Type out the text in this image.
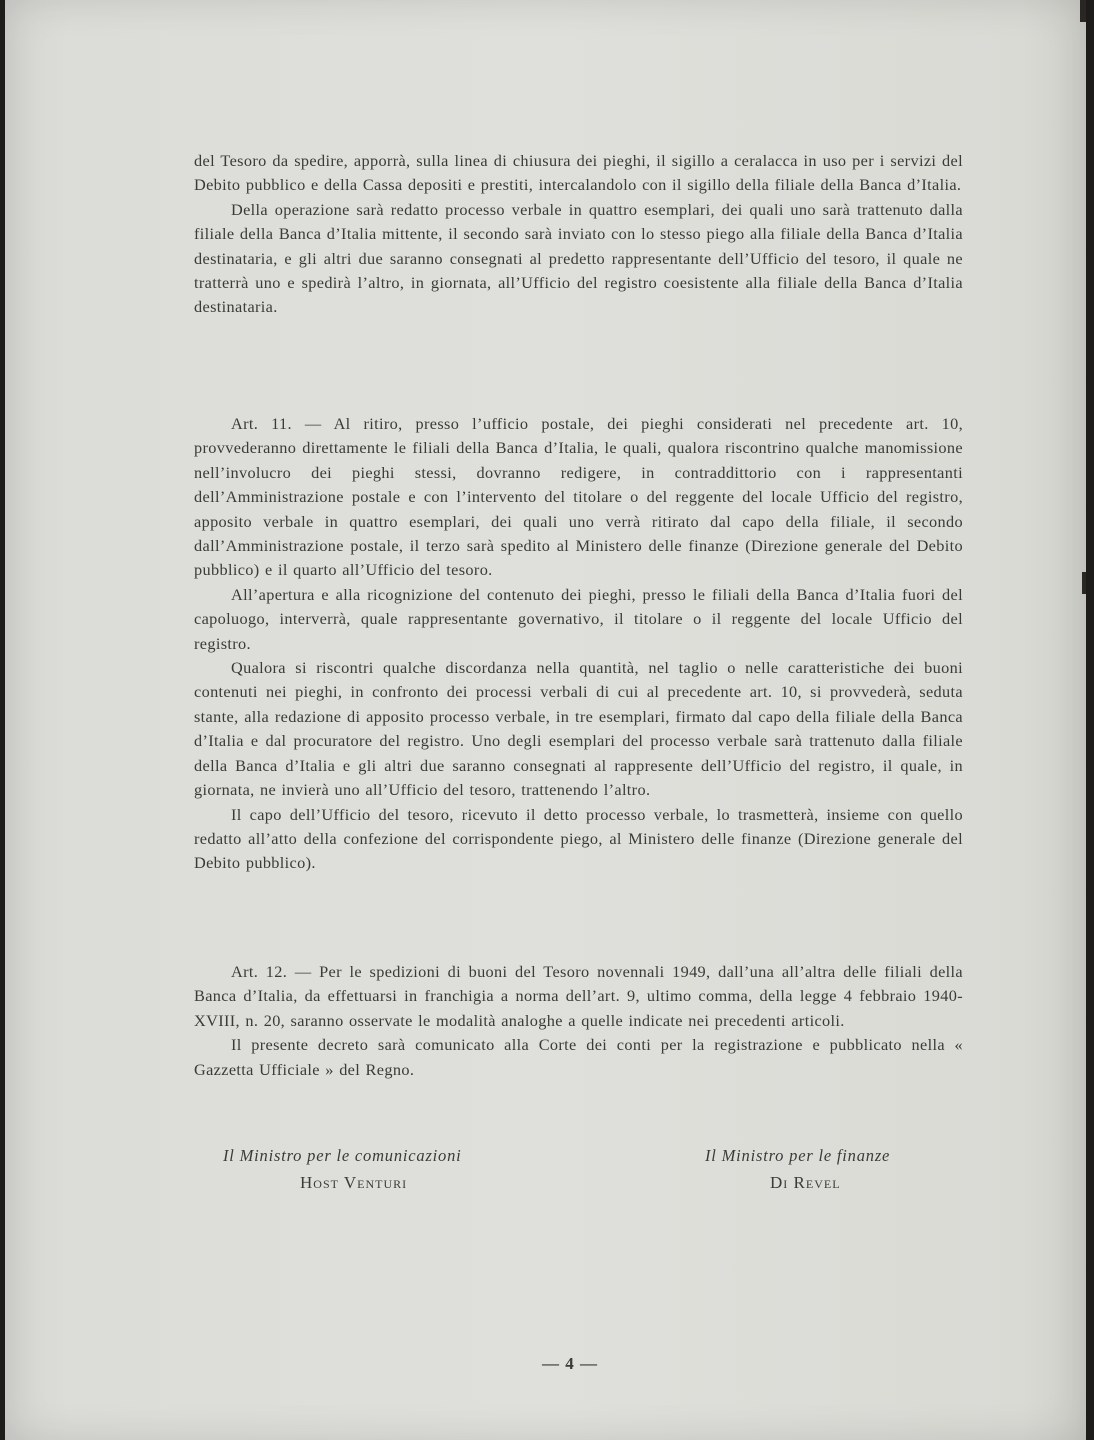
del Tesoro da spedire, apporrà, sulla linea di chiusura dei pieghi, il sigillo a ceralacca in uso per i servizi del Debito pubblico e della Cassa depositi e prestiti, intercalandolo con il sigillo della filiale della Banca d’Italia.

Della operazione sarà redatto processo verbale in quattro esemplari, dei quali uno sarà trattenuto dalla filiale della Banca d’Italia mittente, il secondo sarà inviato con lo stesso piego alla filiale della Banca d’Italia destinataria, e gli altri due saranno consegnati al predetto rappresentante dell’Ufficio del tesoro, il quale ne tratterrà uno e spedirà l’altro, in giornata, all’Ufficio del registro coesistente alla filiale della Banca d’Italia destinataria.

Art. 11. — Al ritiro, presso l’ufficio postale, dei pieghi considerati nel precedente art. 10, provvederanno direttamente le filiali della Banca d’Italia, le quali, qualora riscontrino qualche manomissione nell’involucro dei pieghi stessi, dovranno redigere, in contraddittorio con i rappresentanti dell’Amministrazione postale e con l’intervento del titolare o del reggente del locale Ufficio del registro, apposito verbale in quattro esemplari, dei quali uno verrà ritirato dal capo della filiale, il secondo dall’Amministrazione postale, il terzo sarà spedito al Ministero delle finanze (Direzione generale del Debito pubblico) e il quarto all’Ufficio del tesoro.

All’apertura e alla ricognizione del contenuto dei pieghi, presso le filiali della Banca d’Italia fuori del capoluogo, interverrà, quale rappresentante governativo, il titolare o il reggente del locale Ufficio del registro.

Qualora si riscontri qualche discordanza nella quantità, nel taglio o nelle caratteristiche dei buoni contenuti nei pieghi, in confronto dei processi verbali di cui al precedente art. 10, si provvederà, seduta stante, alla redazione di apposito processo verbale, in tre esemplari, firmato dal capo della filiale della Banca d’Italia e dal procuratore del registro. Uno degli esemplari del processo verbale sarà trattenuto dalla filiale della Banca d’Italia e gli altri due saranno consegnati al rappresente dell’Ufficio del registro, il quale, in giornata, ne invierà uno all’Ufficio del tesoro, trattenendo l’altro.

Il capo dell’Ufficio del tesoro, ricevuto il detto processo verbale, lo trasmetterà, insieme con quello redatto all’atto della confezione del corrispondente piego, al Ministero delle finanze (Direzione generale del Debito pubblico).

Art. 12. — Per le spedizioni di buoni del Tesoro novennali 1949, dall’una all’altra delle filiali della Banca d’Italia, da effettuarsi in franchigia a norma dell’art. 9, ultimo comma, della legge 4 febbraio 1940-XVIII, n. 20, saranno osservate le modalità analoghe a quelle indicate nei precedenti articoli.

Il presente decreto sarà comunicato alla Corte dei conti per la registrazione e pubblicato nella « Gazzetta Ufficiale » del Regno.

Il Ministro per le comunicazioni
Host Venturi
Il Ministro per le finanze
Di Revel
— 4 —
